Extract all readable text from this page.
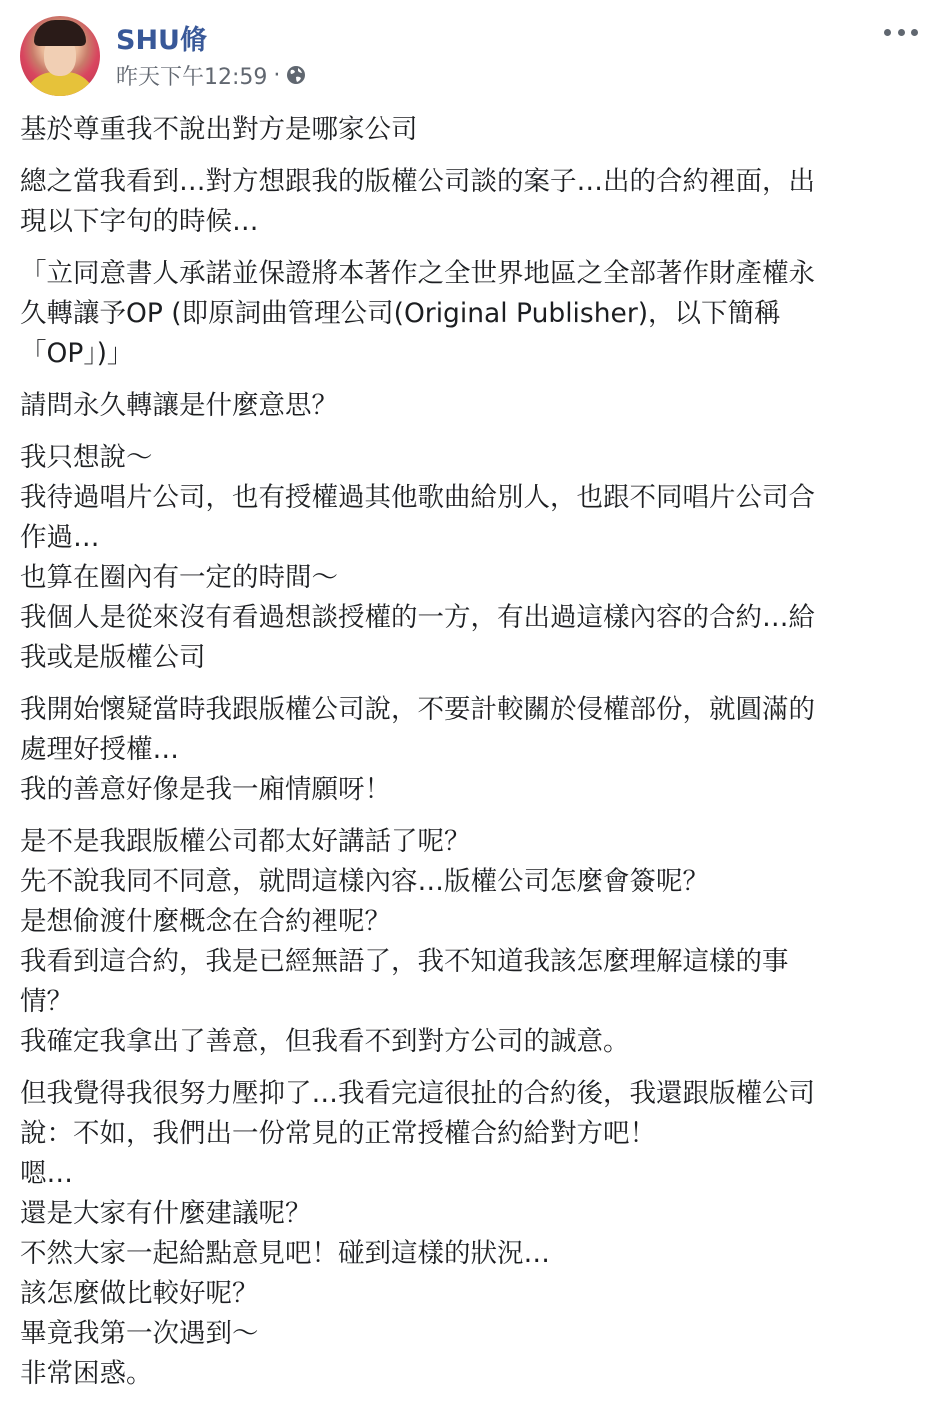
SHU脩
昨天下午12:59 ·
基於尊重我不說出對方是哪家公司
總之當我看到…對方想跟我的版權公司談的案子…出的合約裡面，出
現以下字句的時候…
「立同意書人承諾並保證將本著作之全世界地區之全部著作財產權永
久轉讓予OP (即原詞曲管理公司(Original Publisher)，以下簡稱
「OP」)」
請問永久轉讓是什麼意思？
我只想說～
我待過唱片公司，也有授權過其他歌曲給別人，也跟不同唱片公司合
作過…
也算在圈內有一定的時間～
我個人是從來沒有看過想談授權的一方，有出過這樣內容的合約…給
我或是版權公司
我開始懷疑當時我跟版權公司說，不要計較關於侵權部份，就圓滿的
處理好授權…
我的善意好像是我一廂情願呀！
是不是我跟版權公司都太好講話了呢？
先不說我同不同意，就問這樣內容…版權公司怎麼會簽呢？
是想偷渡什麼概念在合約裡呢？
我看到這合約，我是已經無語了，我不知道我該怎麼理解這樣的事
情？
我確定我拿出了善意，但我看不到對方公司的誠意。
但我覺得我很努力壓抑了…我看完這很扯的合約後，我還跟版權公司
說：不如，我們出一份常見的正常授權合約給對方吧！
嗯…
還是大家有什麼建議呢？
不然大家一起給點意見吧！碰到這樣的狀況…
該怎麼做比較好呢？
畢竟我第一次遇到～
非常困惑。
